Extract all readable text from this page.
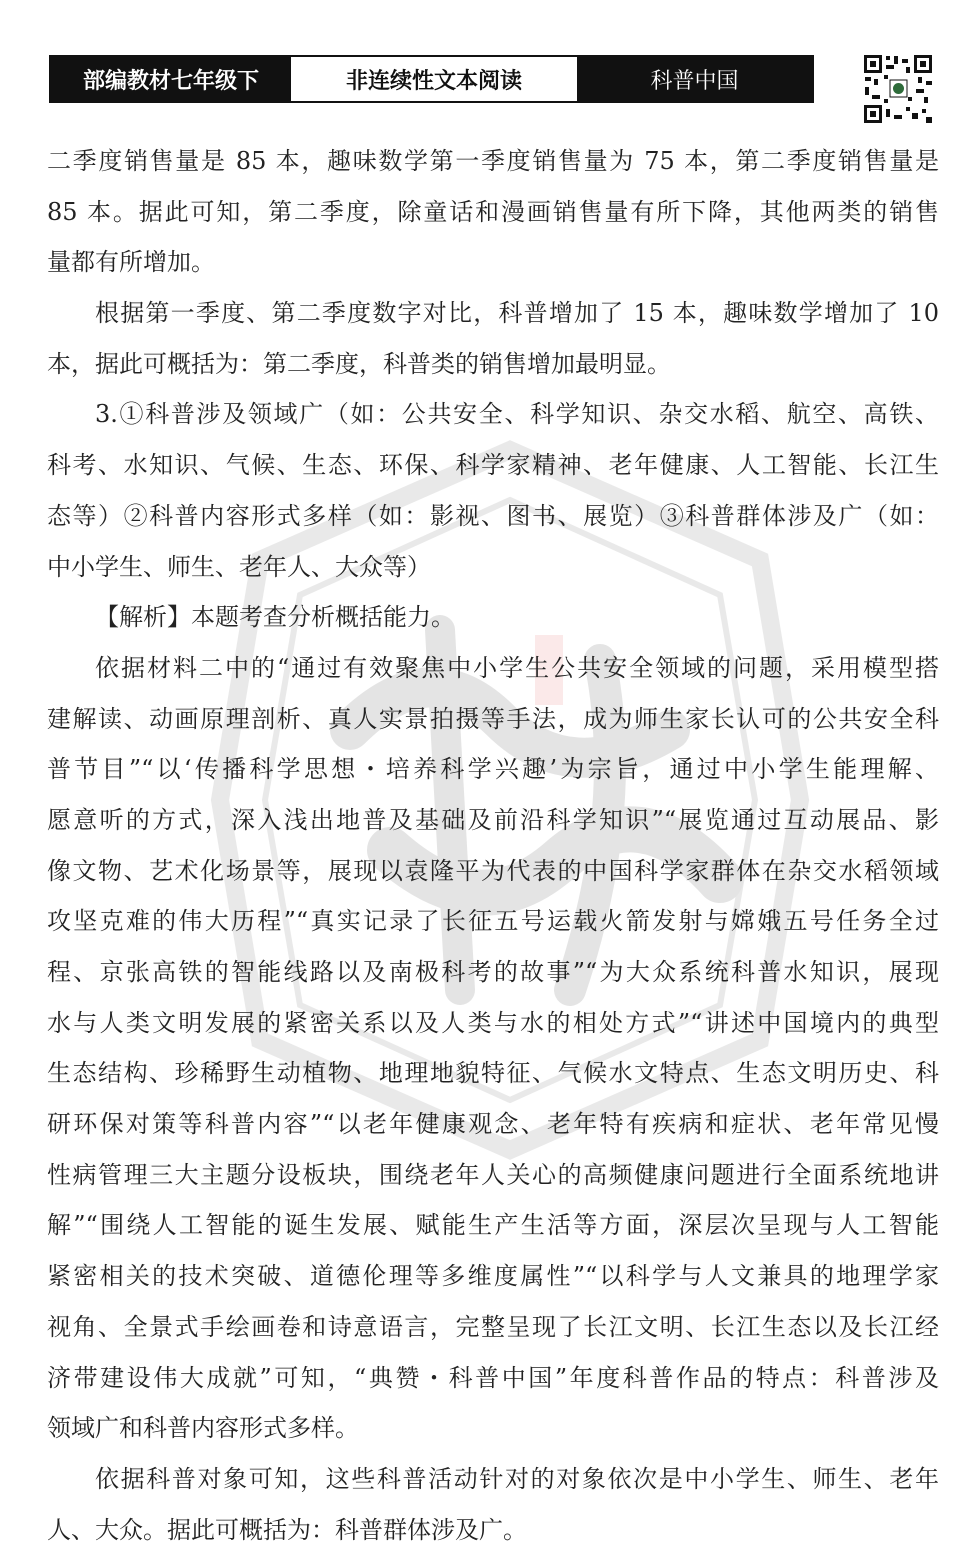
部编教材七年级下	非连续性文本阅读	科普中国
二季度销售量是 85 本，趣味数学第一季度销售量为 75 本，第二季度销售量是
85 本。据此可知，第二季度，除童话和漫画销售量有所下降，其他两类的销售
量都有所增加。
根据第一季度、第二季度数字对比，科普增加了 15 本，趣味数学增加了 10
本，据此可概括为：第二季度，科普类的销售增加最明显。
3.①科普涉及领域广（如：公共安全、科学知识、杂交水稻、航空、高铁、
科考、水知识、气候、生态、环保、科学家精神、老年健康、人工智能、长江生
态等）②科普内容形式多样（如：影视、图书、展览）③科普群体涉及广（如：
中小学生、师生、老年人、大众等）
【解析】本题考查分析概括能力。
依据材料二中的“通过有效聚焦中小学生公共安全领域的问题，采用模型搭
建解读、动画原理剖析、真人实景拍摄等手法，成为师生家长认可的公共安全科
普节目”“以‘传播科学思想・培养科学兴趣’为宗旨，通过中小学生能理解、
愿意听的方式，深入浅出地普及基础及前沿科学知识”“展览通过互动展品、影
像文物、艺术化场景等，展现以袁隆平为代表的中国科学家群体在杂交水稻领域
攻坚克难的伟大历程”“真实记录了长征五号运载火箭发射与嫦娥五号任务全过
程、京张高铁的智能线路以及南极科考的故事”“为大众系统科普水知识，展现
水与人类文明发展的紧密关系以及人类与水的相处方式”“讲述中国境内的典型
生态结构、珍稀野生动植物、地理地貌特征、气候水文特点、生态文明历史、科
研环保对策等科普内容”“以老年健康观念、老年特有疾病和症状、老年常见慢
性病管理三大主题分设板块，围绕老年人关心的高频健康问题进行全面系统地讲
解”“围绕人工智能的诞生发展、赋能生产生活等方面，深层次呈现与人工智能
紧密相关的技术突破、道德伦理等多维度属性”“以科学与人文兼具的地理学家
视角、全景式手绘画卷和诗意语言，完整呈现了长江文明、长江生态以及长江经
济带建设伟大成就”可知，“典赞・科普中国”年度科普作品的特点：科普涉及
领域广和科普内容形式多样。
依据科普对象可知，这些科普活动针对的对象依次是中小学生、师生、老年
人、大众。据此可概括为：科普群体涉及广。
